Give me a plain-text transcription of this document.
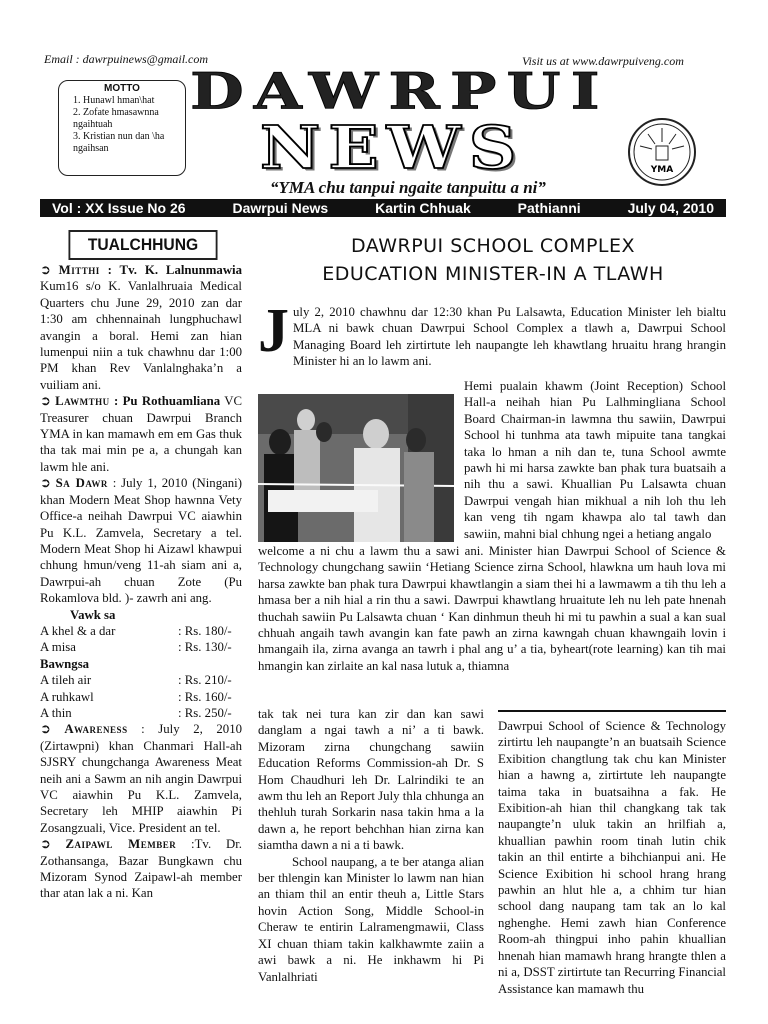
Email : dawrpuinews@gmail.com	Visit us at www.dawrpuiveng.com
MOTTO
1. Hunawl hman\hat
2. Zofate hmasawnna ngaihtuah
3. Kristian nun dan \ha ngaihsan
DAWRPUI
NEWS	YMA
“YMA chu tanpui ngaite tanpuitu a ni”
Vol : XX Issue No 26	Dawrpui News	Kartin Chhuak	Pathianni	July 04, 2010
TUALCHHUNG

➲ Mitthi : Tv. K. Lalnunmawia Kum16 s/o K. Vanlalhruaia Medical Quarters chu June 29, 2010 zan dar 1:30 am chhennainah lungphuchawl avangin a boral. Hemi zan hian lumenpui niin a tuk chawhnu dar 1:00 PM khan Rev Vanlalnghaka’n a vuiliam ani.

➲ Lawmthu : Pu Rothuamliana VC Treasurer chuan Dawrpui Branch YMA in kan mamawh em em Gas thuk tha tak mai min pe a, a chungah kan lawm hle ani.

➲ Sa Dawr : July 1, 2010 (Ningani) khan Modern Meat Shop hawnna Vety Office-a neihah Dawrpui VC aiawhin Pu K.L. Zamvela, Secretary a tel. Modern Meat Shop hi Aizawl khawpui chhung hmun/veng 11-ah siam ani a, Dawrpui-ah chuan Zote (Pu Rokamlova bld. )- zawrh ani ang.

Vawk sa
A khel & a dar	: Rs. 180/-
A misa	: Rs. 130/-
Bawngsa
A tileh air	: Rs. 210/-
A ruhkawl	: Rs. 160/-
A thin	: Rs. 250/-

➲ Awareness : July 2, 2010 (Zirtawpni) khan Chanmari Hall-ah SJSRY chungchanga Awareness Meat neih ani a Sawm an nih angin Dawrpui VC aiawhin Pu K.L. Zamvela, Secretary leh MHIP aiawhin Pi Zosangzuali, Vice. President an tel.

➲ Zaipawl Member :Tv. Dr. Zothansanga, Bazar Bungkawn chu Mizoram Synod Zaipawl-ah member thar atan lak a ni. Kan

DAWRPUI SCHOOL COMPLEX
EDUCATION MINISTER-IN A TLAWH
July 2, 2010 chawhnu dar 12:30 khan Pu Lalsawta, Education Minister leh bialtu MLA ni bawk chuan Dawrpui School Complex a tlawh a, Dawrpui School Managing Board leh zirtirtute leh naupangte leh khawtlang hruaitu hrang hrangin Minister hi an lo lawm ani.
Hemi pualain khawm (Joint Reception) School Hall-a neihah hian Pu Lalhmingliana School Board Chairman-in lawmna thu sawiin, Dawrpui School hi tunhma ata tawh mipuite tana tangkai taka lo hman a nih dan te, tuna School awmte pawh hi mi harsa zawkte ban phak tura buatsaih a nih thu a sawi. Khuallian Pu Lalsawta chuan Dawrpui vengah hian mikhual a nih loh thu leh kan veng tih ngam khawpa alo tal tawh dan sawiin, mahni bial chhung ngei a hetiang angalo
welcome a ni chu a lawm thu a sawi ani. Minister hian Dawrpui School of Science & Technology chungchang sawiin ‘Hetiang Science zirna School, hlawkna um hauh lova mi harsa zawkte ban phak tura Dawrpui khawtlangin a siam thei hi a lawmawm a tih thu leh a hmasa ber a nih hial a rin thu a sawi. Dawrpui khawtlang hruaitute leh nu leh pate hnenah thuchah sawiin Pu Lalsawta chuan ‘ Kan dinhmun theuh hi mi tu pawhin a sual a kan sual chhuah angaih tawh avangin kan fate pawh an zirna kawngah chuan khawngaih lovin i hmangaih ila, zirna avanga an tawrh i phal ang u’ a tia, byheart(rote learning) kan tih mai hmangin kan zirlaite an kal nasa lutuk a, thiamna
tak tak nei tura kan zir dan kan sawi danglam a ngai tawh a ni’ a ti bawk. Mizoram zirna chungchang sawiin Education Reforms Commission-ah Dr. S Hom Chaudhuri leh Dr. Lalrindiki te an awm thu leh an Report July thla chhunga an thehluh turah Sorkarin nasa takin hma a la dawn a, he report behchhan hian zirna kan siamtha dawn a ni a ti bawk.
School naupang, a te ber atanga alian ber thlengin kan Minister lo lawm nan hian an thiam thil an entir theuh a, Little Stars hovin Action Song, Middle School-in Cheraw te entirin Lalramengmawii, Class XI chuan thiam takin kalkhawmte zaiin a awi bawk a ni. He inkhawm hi Pi Vanlalhriati
Dawrpui School of Science & Technology zirtirtu leh naupangte’n an buatsaih Science Exibition changtlung tak chu kan Minister hian a hawng a, zirtirtute leh naupangte taima taka in buatsaihna a fak. He Exibition-ah hian thil changkang tak tak naupangte’n uluk takin an hrilfiah a, khuallian pawhin room tinah lutin chik takin an thil entirte a bihchianpui ani. He Science Exibition hi school hrang hrang pawhin an hlut hle a, a chhim tur hian school dang naupang tam tak an lo kal nghenghe. Hemi zawh hian Conference Room-ah thingpui inho pahin khuallian hnenah hian mamawh hrang hrangte thlen a ni a, DSST zirtirtute tan Recurring Financial Assistance kan mamawh thu
